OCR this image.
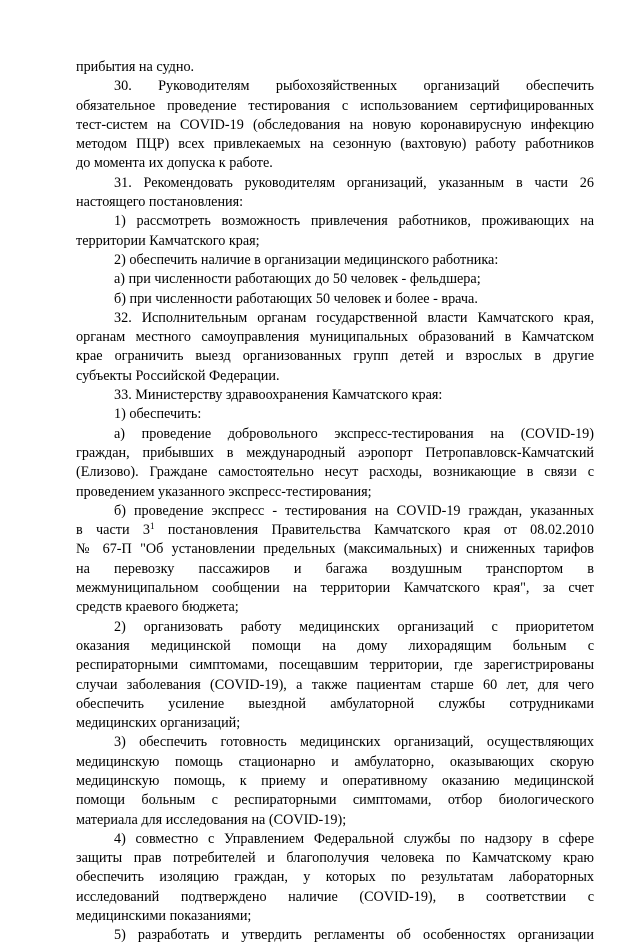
прибытия на судно.
30. Руководителям рыбохозяйственных организаций обеспечить
обязательное проведение тестирования с использованием сертифицированных
тест-систем на COVID-19 (обследования на новую коронавирусную инфекцию
методом ПЦР) всех привлекаемых на сезонную (вахтовую) работу работников
до момента их допуска к работе.
31. Рекомендовать руководителям организаций, указанным в части 26
настоящего постановления:
1) рассмотреть возможность привлечения работников, проживающих на
территории Камчатского края;
2) обеспечить наличие в организации медицинского работника:
а) при численности работающих до 50 человек - фельдшера;
б) при численности работающих 50 человек и более - врача.
32. Исполнительным органам государственной власти Камчатского края,
органам местного самоуправления муниципальных образований в Камчатском
крае ограничить выезд организованных групп детей и взрослых в другие
субъекты Российской Федерации.
33. Министерству здравоохранения Камчатского края:
1) обеспечить:
а) проведение добровольного экспресс-тестирования на (COVID-19)
граждан, прибывших в международный аэропорт Петропавловск-Камчатский
(Елизово). Граждане самостоятельно несут расходы, возникающие в связи с
проведением указанного экспресс-тестирования;
б) проведение экспресс - тестирования на COVID-19 граждан, указанных
в части $3^1$ постановления Правительства Камчатского края от 08.02.2010
№ 67-П "Об установлении предельных (максимальных) и сниженных тарифов
на перевозку пассажиров и багажа воздушным транспортом в
межмуниципальном сообщении на территории Камчатского края", за счет
средств краевого бюджета;
2) организовать работу медицинских организаций с приоритетом
оказания медицинской помощи на дому лихорадящим больным с
респираторными симптомами, посещавшим территории, где зарегистрированы
случаи заболевания (COVID-19), а также пациентам старше 60 лет, для чего
обеспечить усиление выездной амбулаторной службы сотрудниками
медицинских организаций;
3) обеспечить готовность медицинских организаций, осуществляющих
медицинскую помощь стационарно и амбулаторно, оказывающих скорую
медицинскую помощь, к приему и оперативному оказанию медицинской
помощи больным с респираторными симптомами, отбор биологического
материала для исследования на (COVID-19);
4) совместно с Управлением Федеральной службы по надзору в сфере
защиты прав потребителей и благополучия человека по Камчатскому краю
обеспечить изоляцию граждан, у которых по результатам лабораторных
исследований подтверждено наличие (COVID-19), в соответствии с
медицинскими показаниями;
5) разработать и утвердить регламенты об особенностях организации
